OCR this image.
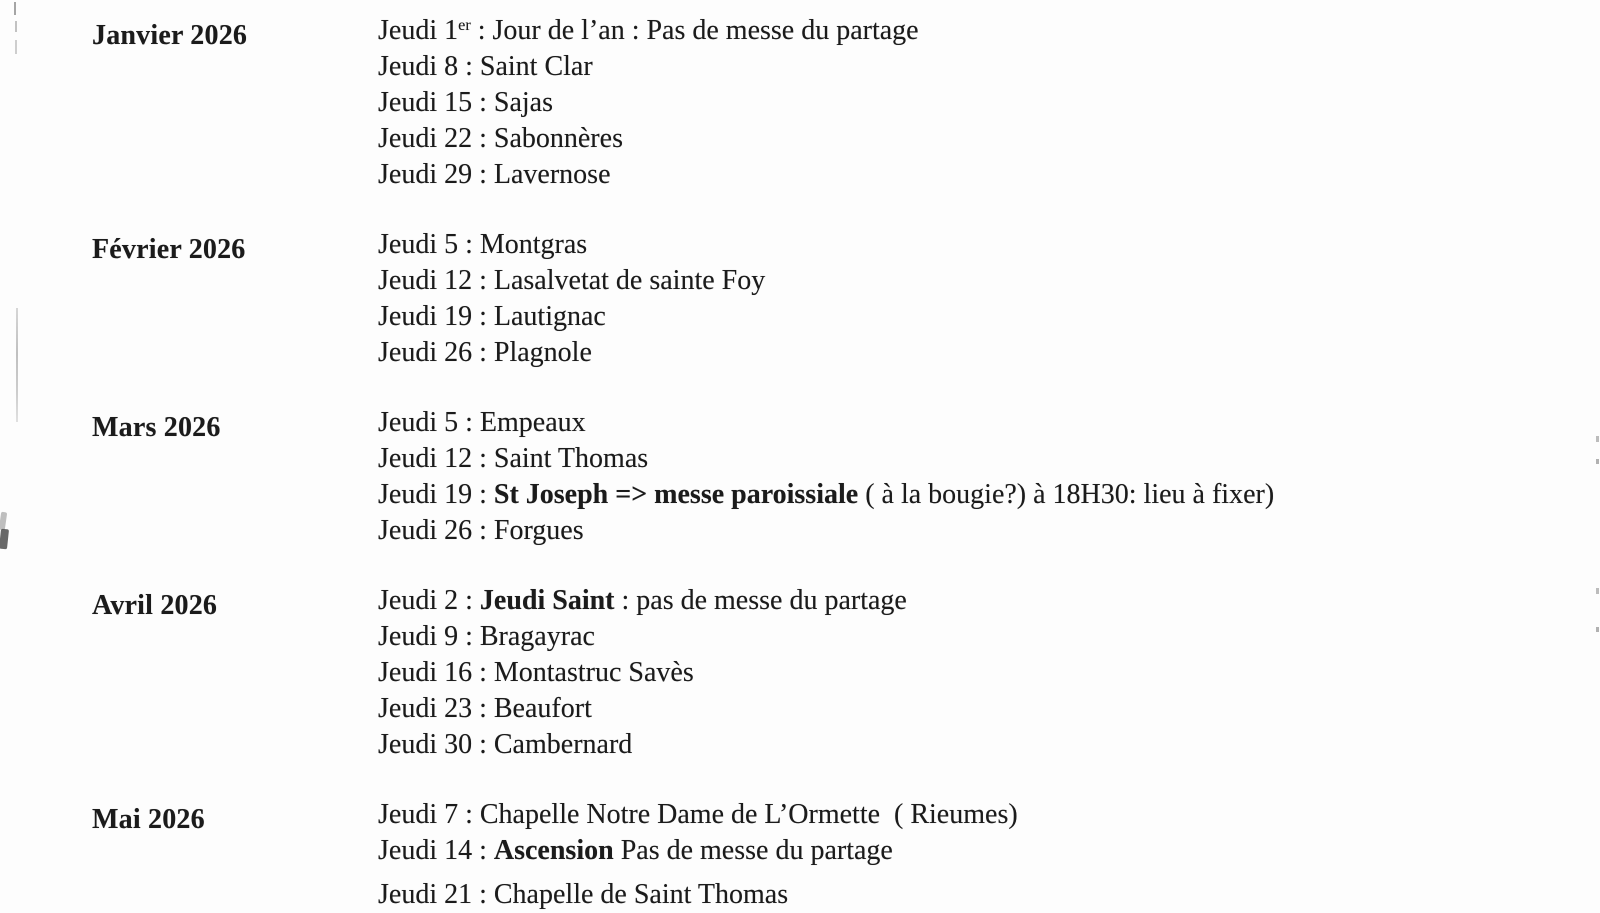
Janvier 2026	Jeudi 1er : Jour de l’an : Pas de messe du partage

Jeudi 8 : Saint Clar

Jeudi 15 : Sajas

Jeudi 22 : Sabonnères

Jeudi 29 : Lavernose

Février 2026	Jeudi 5 : Montgras

Jeudi 12 : Lasalvetat de sainte Foy

Jeudi 19 : Lautignac

Jeudi 26 : Plagnole

Mars 2026	Jeudi 5 : Empeaux

Jeudi 12 : Saint Thomas

Jeudi 19 : St Joseph => messe paroissiale ( à la bougie?) à 18H30: lieu à fixer)

Jeudi 26 : Forgues

Avril 2026	Jeudi 2 : Jeudi Saint : pas de messe du partage

Jeudi 9 : Bragayrac

Jeudi 16 : Montastruc Savès

Jeudi 23 : Beaufort

Jeudi 30 : Cambernard

Mai 2026	Jeudi 7 : Chapelle Notre Dame de L’Ormette  ( Rieumes)

Jeudi 14 : Ascension Pas de messe du partage

Jeudi 21 : Chapelle de Saint Thomas
